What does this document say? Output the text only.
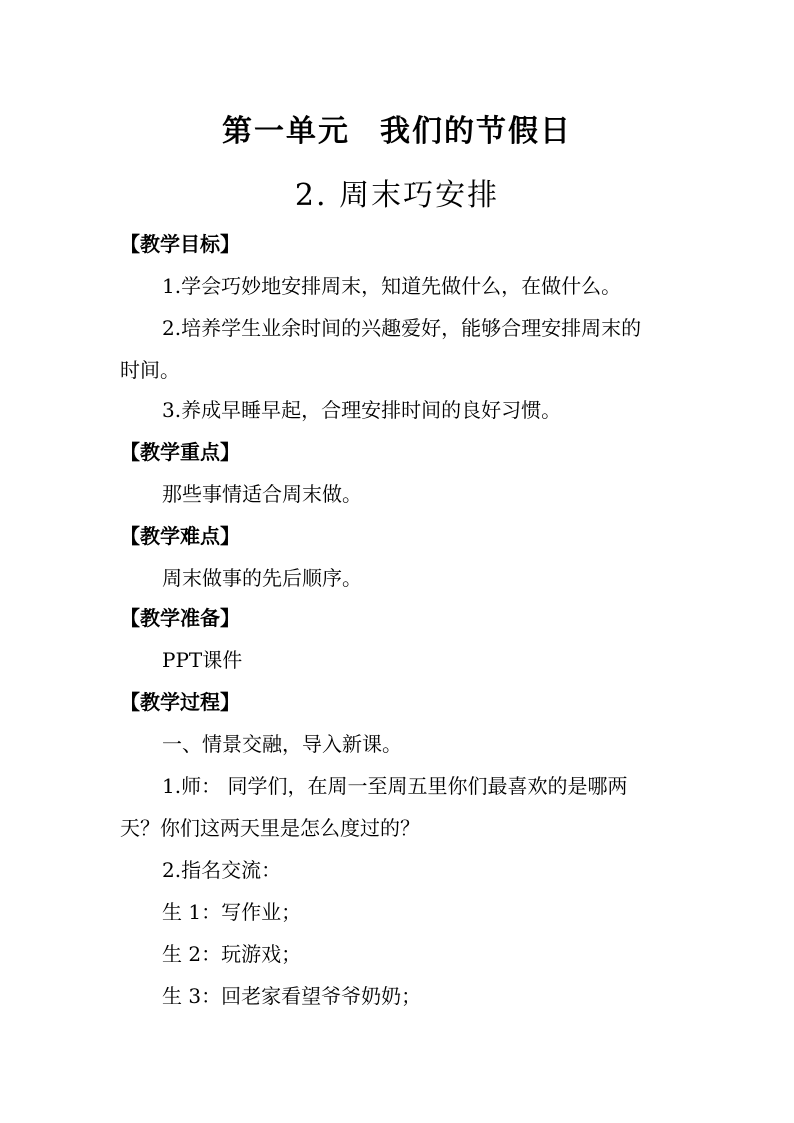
第一单元 我们的节假日
2. 周末巧安排
【教学目标】
1.学会巧妙地安排周末，知道先做什么，在做什么。
2.培养学生业余时间的兴趣爱好，能够合理安排周末的
时间。
3.养成早睡早起，合理安排时间的良好习惯。
【教学重点】
那些事情适合周末做。
【教学难点】
周末做事的先后顺序。
【教学准备】
PPT课件
【教学过程】
一、情景交融，导入新课。
1.师： 同学们，在周一至周五里你们最喜欢的是哪两
天？你们这两天里是怎么度过的？
2.指名交流：
生 1：写作业；
生 2：玩游戏；
生 3：回老家看望爷爷奶奶；
